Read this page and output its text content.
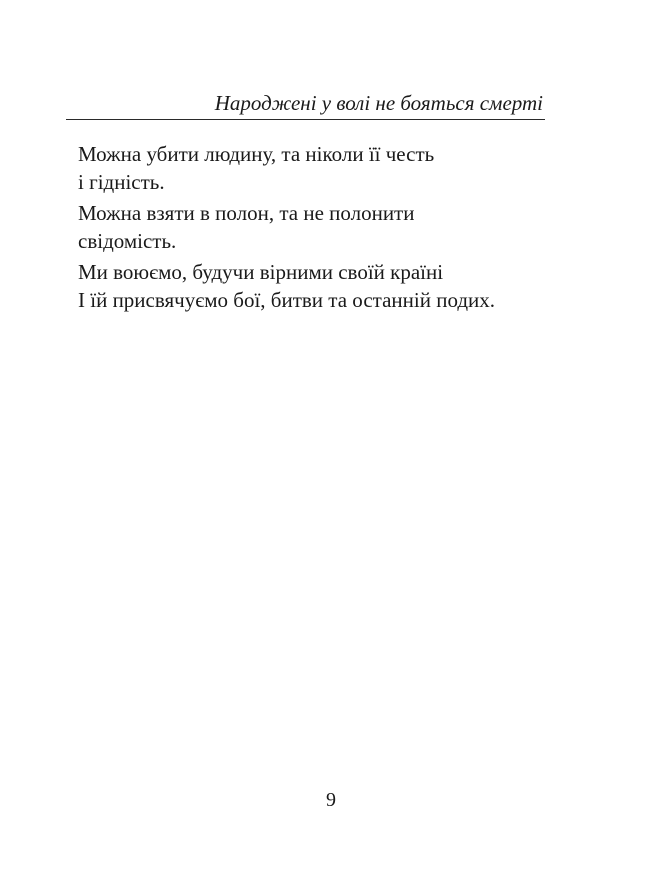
Народжені у волі не бояться смерті

Можна убити людину, та ніколи її честь
і гідність.

Можна взяти в полон, та не полонити
свідомість.

Ми воюємо, будучи вірними своїй країні
І їй присвячуємо бої, битви та останній подих.

9
